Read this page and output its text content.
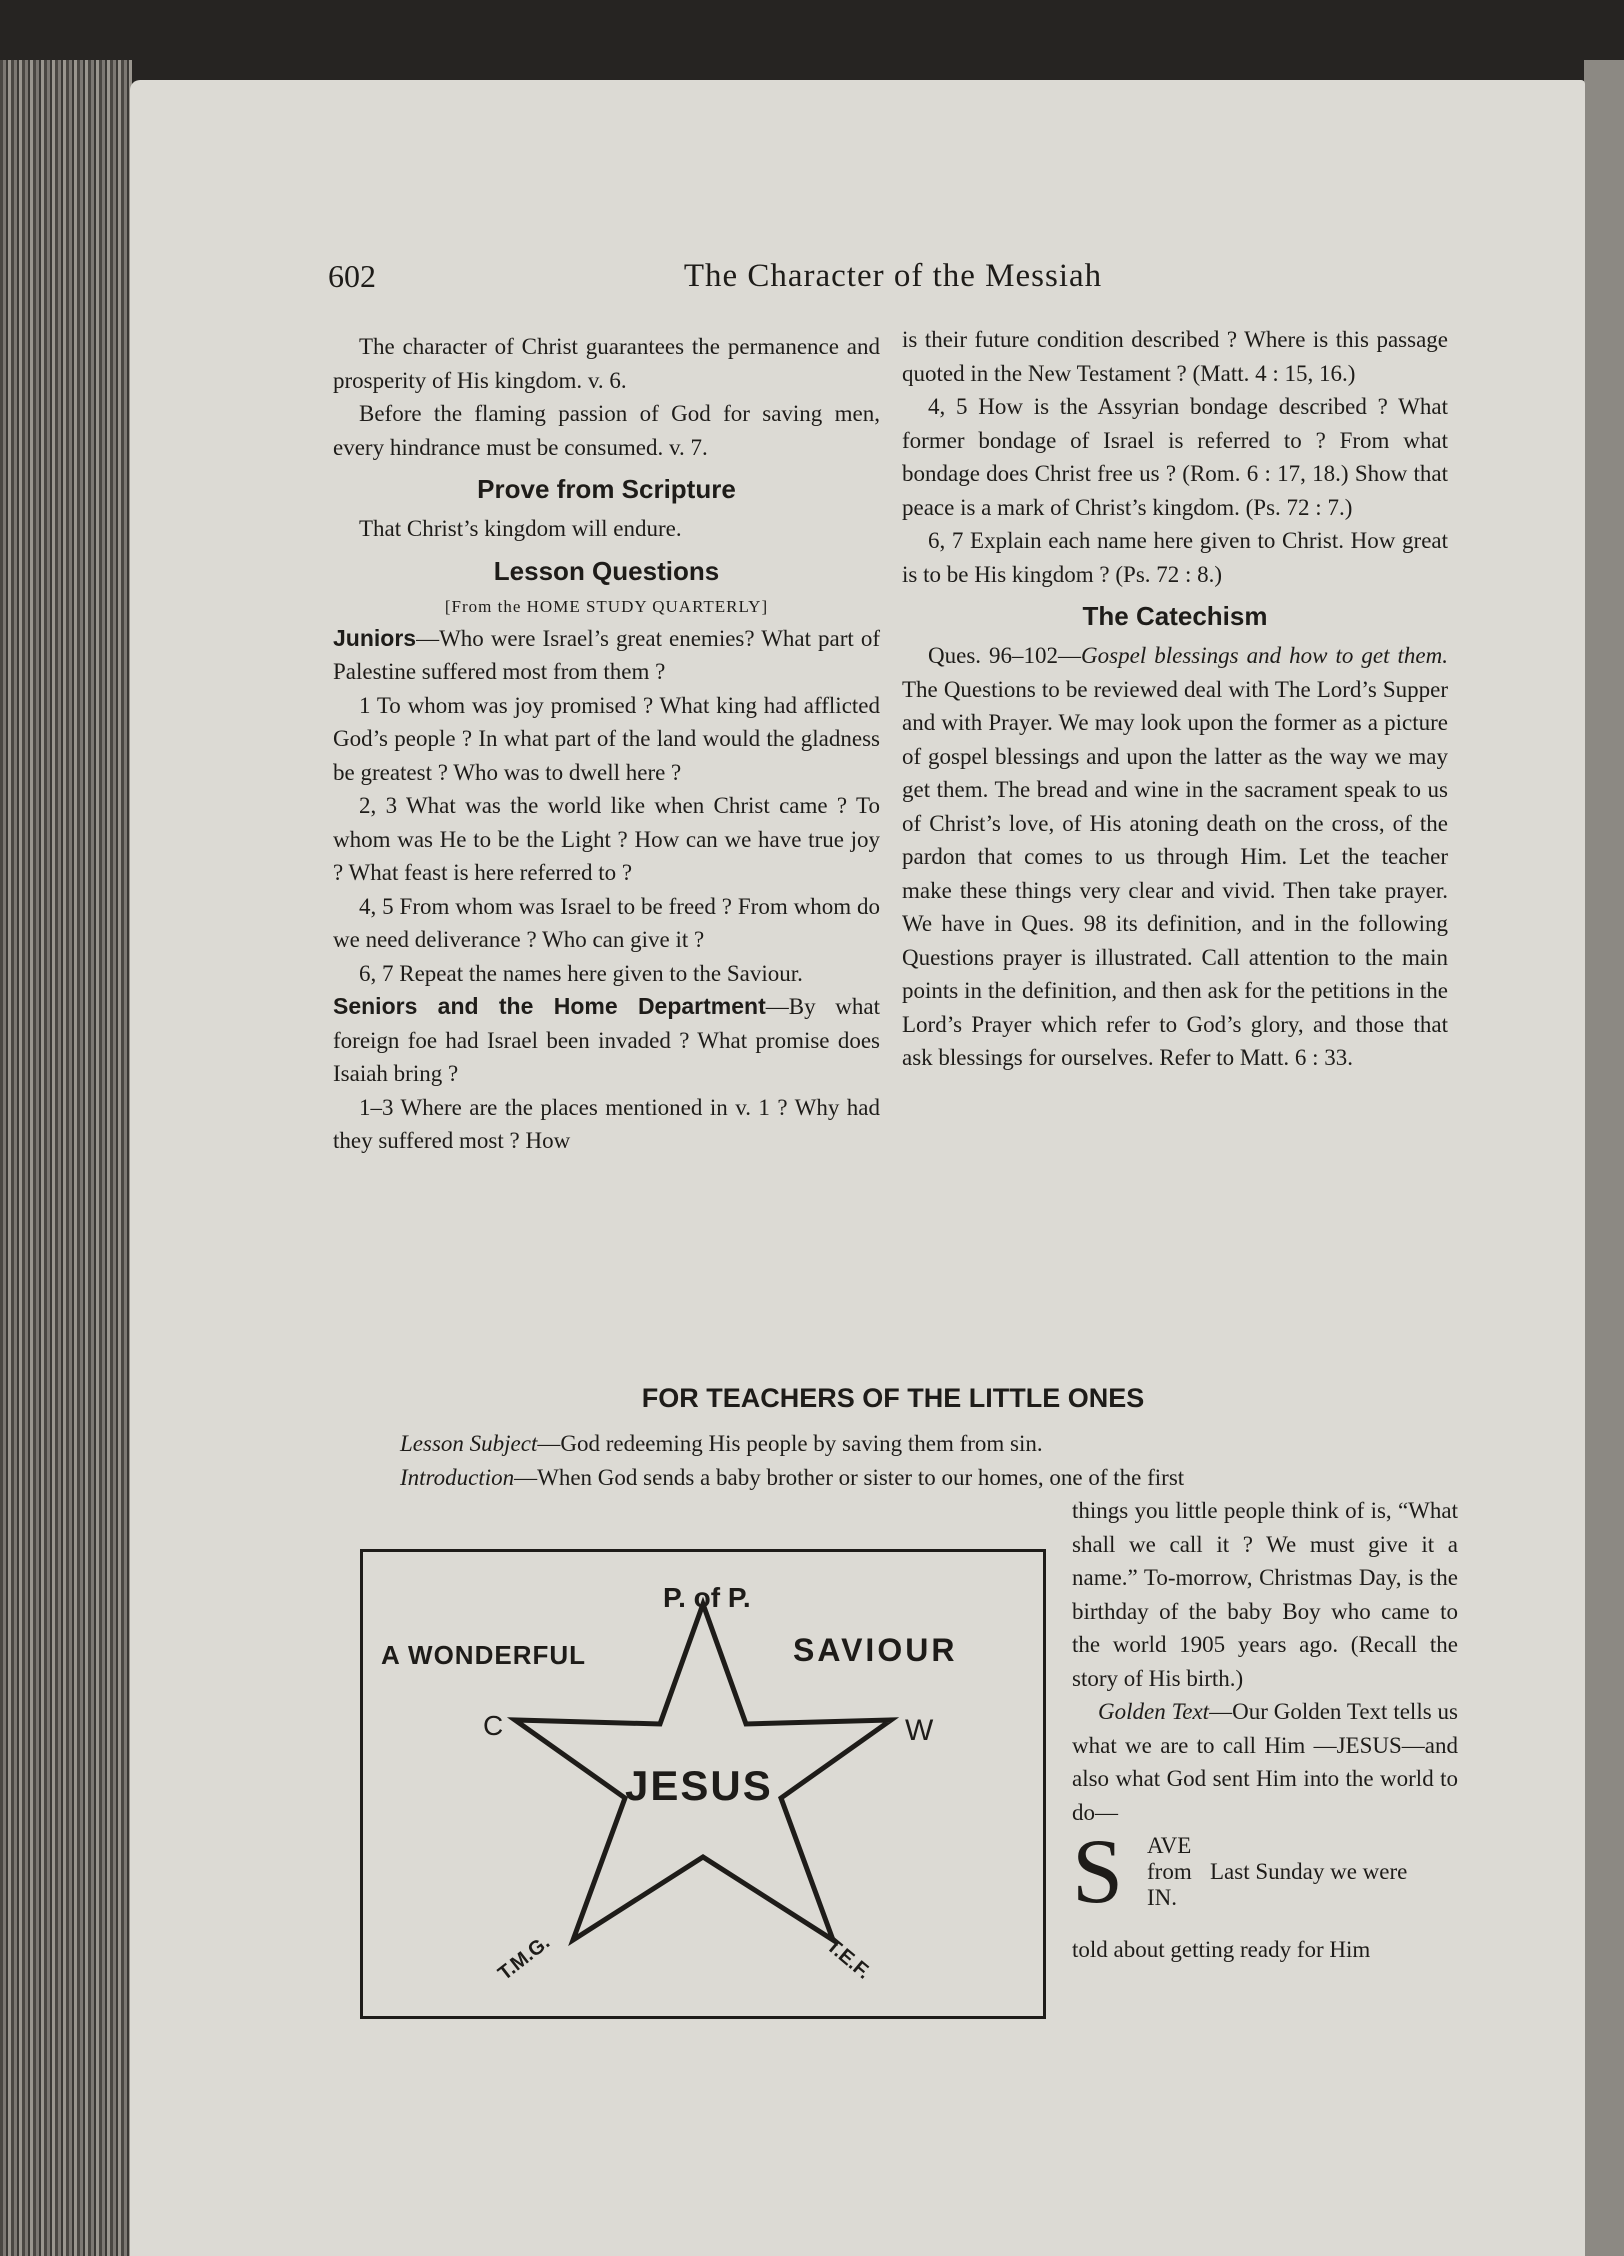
The Character of the Messiah
602

The character of Christ guarantees the permanence and prosperity of His kingdom. v. 6.

Before the flaming passion of God for saving men, every hindrance must be consumed. v. 7.

Prove from Scripture

That Christ’s kingdom will endure.

Lesson Questions
[From the HOME STUDY QUARTERLY]

Juniors—Who were Israel’s great enemies? What part of Palestine suffered most from them ?

1 To whom was joy promised ? What king had afflicted God’s people ? In what part of the land would the gladness be greatest ? Who was to dwell here ?

2, 3 What was the world like when Christ came ? To whom was He to be the Light ? How can we have true joy ? What feast is here referred to ?

4, 5 From whom was Israel to be freed ? From whom do we need deliverance ? Who can give it ?

6, 7 Repeat the names here given to the Saviour.

Seniors and the Home Department—By what foreign foe had Israel been invaded ? What promise does Isaiah bring ?

1–3 Where are the places mentioned in v. 1 ? Why had they suffered most ? How

is their future condition described ? Where is this passage quoted in the New Testament ? (Matt. 4 : 15, 16.)

4, 5 How is the Assyrian bondage described ? What former bondage of Israel is referred to ? From what bondage does Christ free us ? (Rom. 6 : 17, 18.) Show that peace is a mark of Christ’s kingdom. (Ps. 72 : 7.)

6, 7 Explain each name here given to Christ. How great is to be His kingdom ? (Ps. 72 : 8.)

The Catechism

Ques. 96–102—Gospel blessings and how to get them. The Questions to be reviewed deal with The Lord’s Supper and with Prayer. We may look upon the former as a picture of gospel blessings and upon the latter as the way we may get them. The bread and wine in the sacrament speak to us of Christ’s love, of His atoning death on the cross, of the pardon that comes to us through Him. Let the teacher make these things very clear and vivid. Then take prayer. We have in Ques. 98 its definition, and in the following Questions prayer is illustrated. Call attention to the main points in the definition, and then ask for the petitions in the Lord’s Prayer which refer to God’s glory, and those that ask blessings for ourselves. Refer to Matt. 6 : 33.

FOR TEACHERS OF THE LITTLE ONES

Lesson Subject—God redeeming His people by saving them from sin.

Introduction—When God sends a baby brother or sister to our homes, one of the first

things you little people think of is, “What shall we call it ? We must give it a name.” To-morrow, Christmas Day, is the birthday of the baby Boy who came to the world 1905 years ago. (Recall the story of His birth.)

Golden Text—Our Golden Text tells us what we are to call Him —JESUS—and also what God sent Him into the world to do—

S AVE
from
IN.
Last Sunday we were

told about getting ready for Him

P. of P.
A WONDERFUL	SAVIOUR
C	W
JESUS
T.M.G.	T.E.F.
